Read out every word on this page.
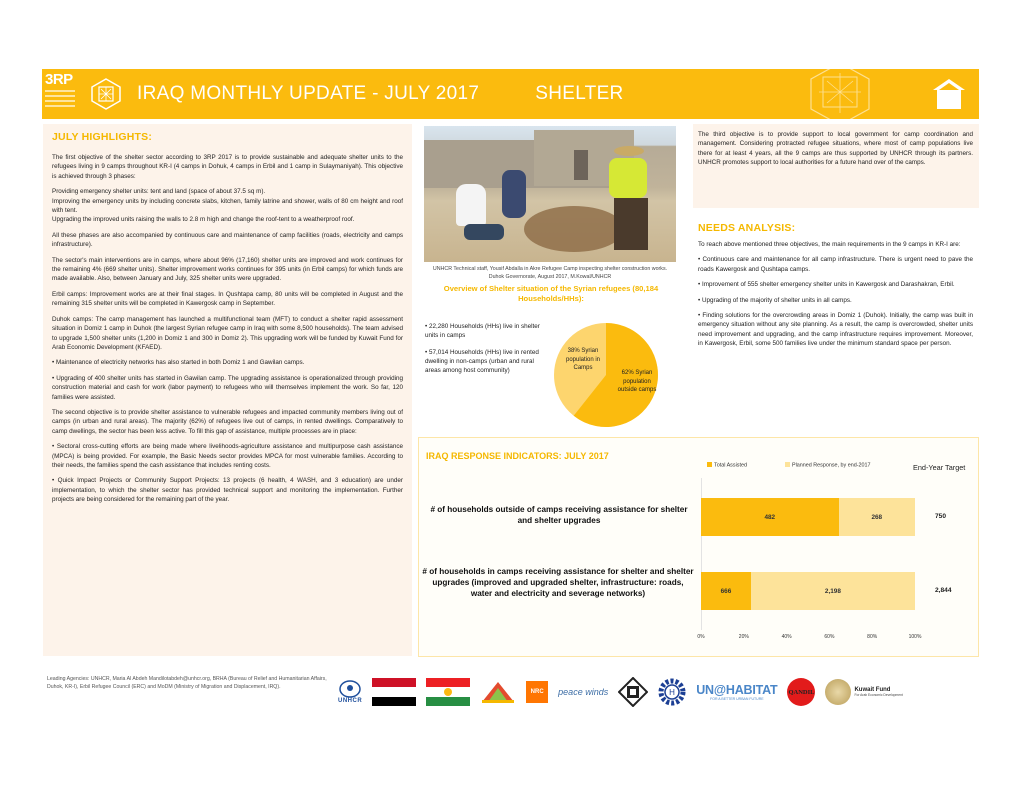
3RP
IRAQ MONTHLY UPDATE - JULY 2017	SHELTER
JULY HIGHLIGHTS:

The first objective of the shelter sector according to 3RP 2017 is to provide sustainable and adequate shelter units to the refugees living in 9 camps throughout KR-I (4 camps in Dohuk, 4 camps in Erbil and 1 camp in Sulaymaniyah). This objective is achieved through 3 phases:

Providing emergency shelter units: tent and land (space of about 37.5 sq m).

Improving the emergency units by including concrete slabs, kitchen, family latrine and shower, walls of 80 cm height and roof with tent.

Upgrading the improved units raising the walls to 2.8 m high and change the roof-tent to a weatherproof roof.

All these phases are also accompanied by continuous care and maintenance of camp facilities (roads, electricity and camps infrastructure).

The sector's main interventions are in camps, where about 96% (17,160) shelter units are improved and work continues for the remaining 4% (669 shelter units). Shelter improvement works continues for 395 units (in Erbil camps) for which funds are made available. Also, between January and July, 325 shelter units were upgraded.

Erbil camps: Improvement works are at their final stages. In Qushtapa camp, 80 units will be completed in August and the remaining 315 shelter units will be completed in Kawergosk camp in September.

Duhok camps: The camp management has launched a multifunctional team (MFT) to conduct a shelter rapid assessment situation in Domiz 1 camp in Duhok (the largest Syrian refugee camp in Iraq with some 8,500 households). The team advised to upgrade 1,500 shelter units (1,200 in Domiz 1 and 300 in Domiz 2). This upgrading work will be funded by Kuwait Fund for Arab Economic Development (KFAED).

• Maintenance of electricity networks has also started in both Domiz 1 and Gawilan camps.

• Upgrading of 400 shelter units has started in Gawilan camp. The upgrading assistance is operationalized through providing construction material and cash for work (labor payment) to refugees who will themselves implement the work. So far, 120 families were assisted.

The second objective is to provide shelter assistance to vulnerable refugees and impacted community members living out of camps (in urban and rural areas). The majority (62%) of refugees live out of camps, in rented dwellings. Comparatively to camp dwellings, the sector has been less active. To fill this gap of assistance, multiple processes are in place:

• Sectoral cross-cutting efforts are being made where livelihoods-agriculture assistance and multipurpose cash assistance (MPCA) is being provided. For example, the Basic Needs sector provides MPCA for most vulnerable families. According to their needs, the families spend the cash assistance that includes renting costs.

• Quick Impact Projects or Community Support Projects: 13 projects (6 health, 4 WASH, and 3 education) are under implementation, to which the shelter sector has provided technical support and monitoring the implementation. Further projects are being considered for the remaining part of the year.

UNHCR Technical staff, Yousif Abdalla in Akre Refugee Camp inspecting shelter construction works. Duhok Governorate, August 2017, M.Kowal/UNHCR
Overview of Shelter situation of the Syrian refugees (80,184 Households/HHs):
• 22,280 Households (HHs) live in shelter units in camps
• 57,014 Households (HHs) live in rented dwelling in non-camps (urban and rural areas among host community)
38% Syrian population in Camps
62% Syrian population outside camps

The third objective is to provide support to local government for camp coordination and management. Considering protracted refugee situations, where most of camp populations live there for at least 4 years, all the 9 camps are thus supported by UNHCR through its partners. UNHCR promotes support to local authorities for a future hand over of the camps.

NEEDS ANALYSIS:

To reach above mentioned three objectives, the main requirements in the 9 camps in KR-I are:

• Continuous care and maintenance for all camp infrastructure. There is urgent need to pave the roads Kawergosk and Qushtapa camps.

• Improvement of 555 shelter emergency shelter units in Kawergosk and Darashakran, Erbil.

• Upgrading of the majority of shelter units in all camps.

• Finding solutions for the overcrowding areas in Domiz 1 (Duhok). Initially, the camp was built in emergency situation without any site planning. As a result, the camp is overcrowded, shelter units need improvement and upgrading, and the camp infrastructure requires improvement. Moreover, in Kawergosk, Erbil, some 500 families live under the minimum standard space per person.

IRAQ RESPONSE INDICATORS: JULY 2017
Total Assisted	Planned Response, by end-2017	End-Year Target
# of households outside of camps receiving assistance for shelter and shelter upgrades	482	268	750
# of households in camps receiving assistance for shelter and shelter upgrades (improved and upgraded shelter, infrastructure: roads, water and electricity and severage networks)	666	2,198	2,844
0%	20%	40%	60%	80%	100%
Leading Agencies: UNHCR, Maria Al Abdeh Mandilotabdeh@unhcr.org, BRHA (Bureau of Relief and Humanitarian Affairs, Duhok, KR-I), Erbil Refugee Council (ERC) and MoDM (Ministry of Migration and Displacement, IRQ).
UNHCR
NRC	peace winds	H UN@HABITAT
FOR A BETTER URBAN FUTURE
QANDIL	Kuwait Fund
For Arab Economic Development
